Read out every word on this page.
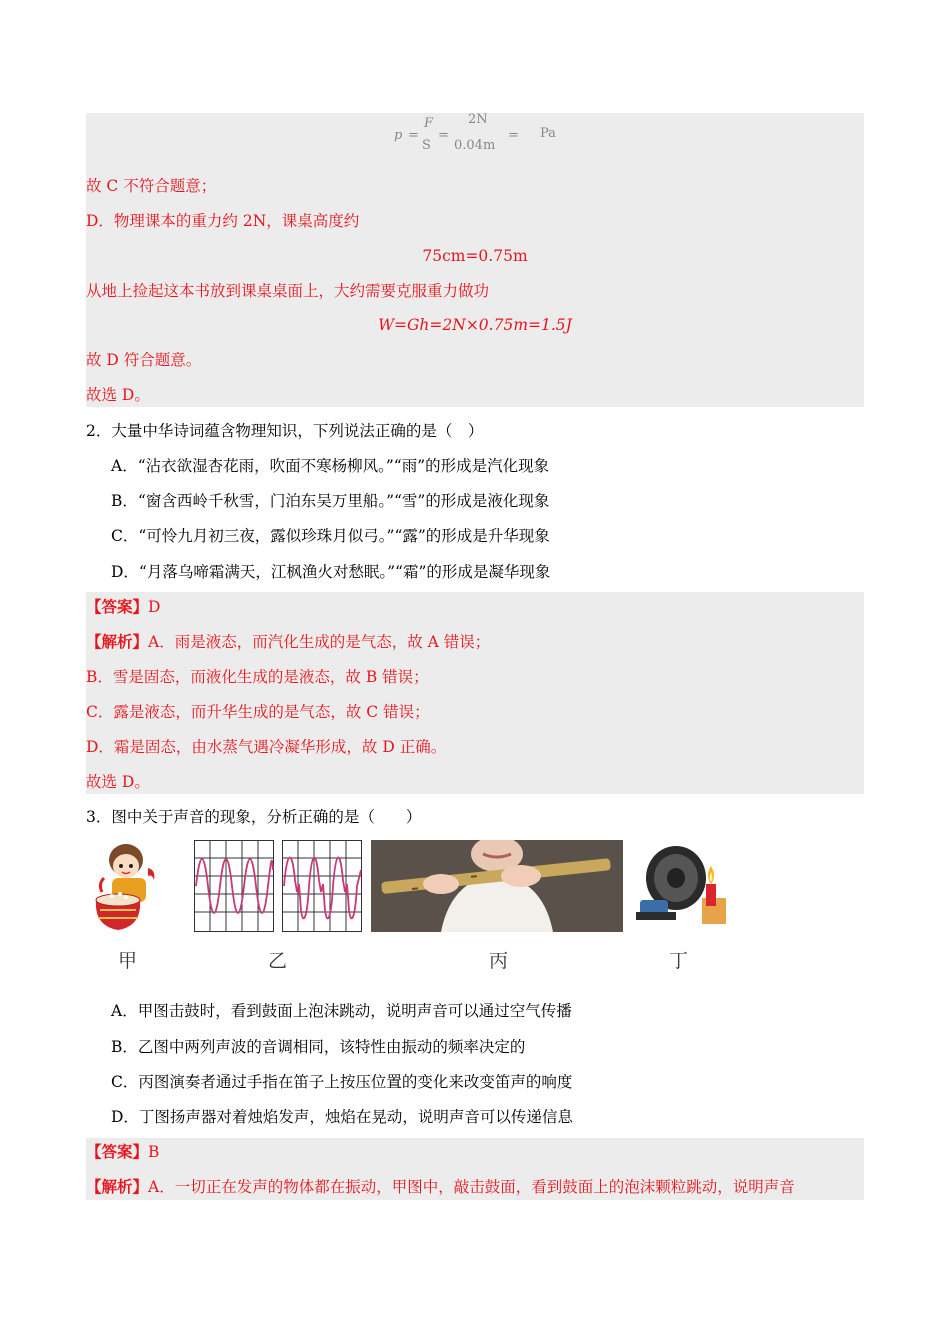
p =
F
S
=
2N
0.04m
= Pa
故 C 不符合题意；
D．物理课本的重力约 2N，课桌高度约
75cm=0.75m
从地上捡起这本书放到课桌桌面上，大约需要克服重力做功
W=Gh=2N×0.75m=1.5J
故 D 符合题意。
故选 D。
2．大量中华诗词蕴含物理知识，下列说法正确的是（　）
A．“沾衣欲湿杏花雨，吹面不寒杨柳风。”“雨”的形成是汽化现象
B．“窗含西岭千秋雪，门泊东吴万里船。”“雪”的形成是液化现象
C．“可怜九月初三夜，露似珍珠月似弓。”“露”的形成是升华现象
D．“月落乌啼霜满天，江枫渔火对愁眠。”“霜”的形成是凝华现象
【答案】D
【解析】A．雨是液态，而汽化生成的是气态，故 A 错误；
B．雪是固态，而液化生成的是液态，故 B 错误；
C．露是液态，而升华生成的是气态，故 C 错误；
D．霜是固态，由水蒸气遇冷凝华形成，故 D 正确。
故选 D。
3．图中关于声音的现象，分析正确的是（　　）
甲	乙	丙	丁
A．甲图击鼓时，看到鼓面上泡沫跳动，说明声音可以通过空气传播
B．乙图中两列声波的音调相同，该特性由振动的频率决定的
C．丙图演奏者通过手指在笛子上按压位置的变化来改变笛声的响度
D．丁图扬声器对着烛焰发声，烛焰在晃动，说明声音可以传递信息
【答案】B
【解析】A．一切正在发声的物体都在振动，甲图中，敲击鼓面，看到鼓面上的泡沫颗粒跳动，说明声音
